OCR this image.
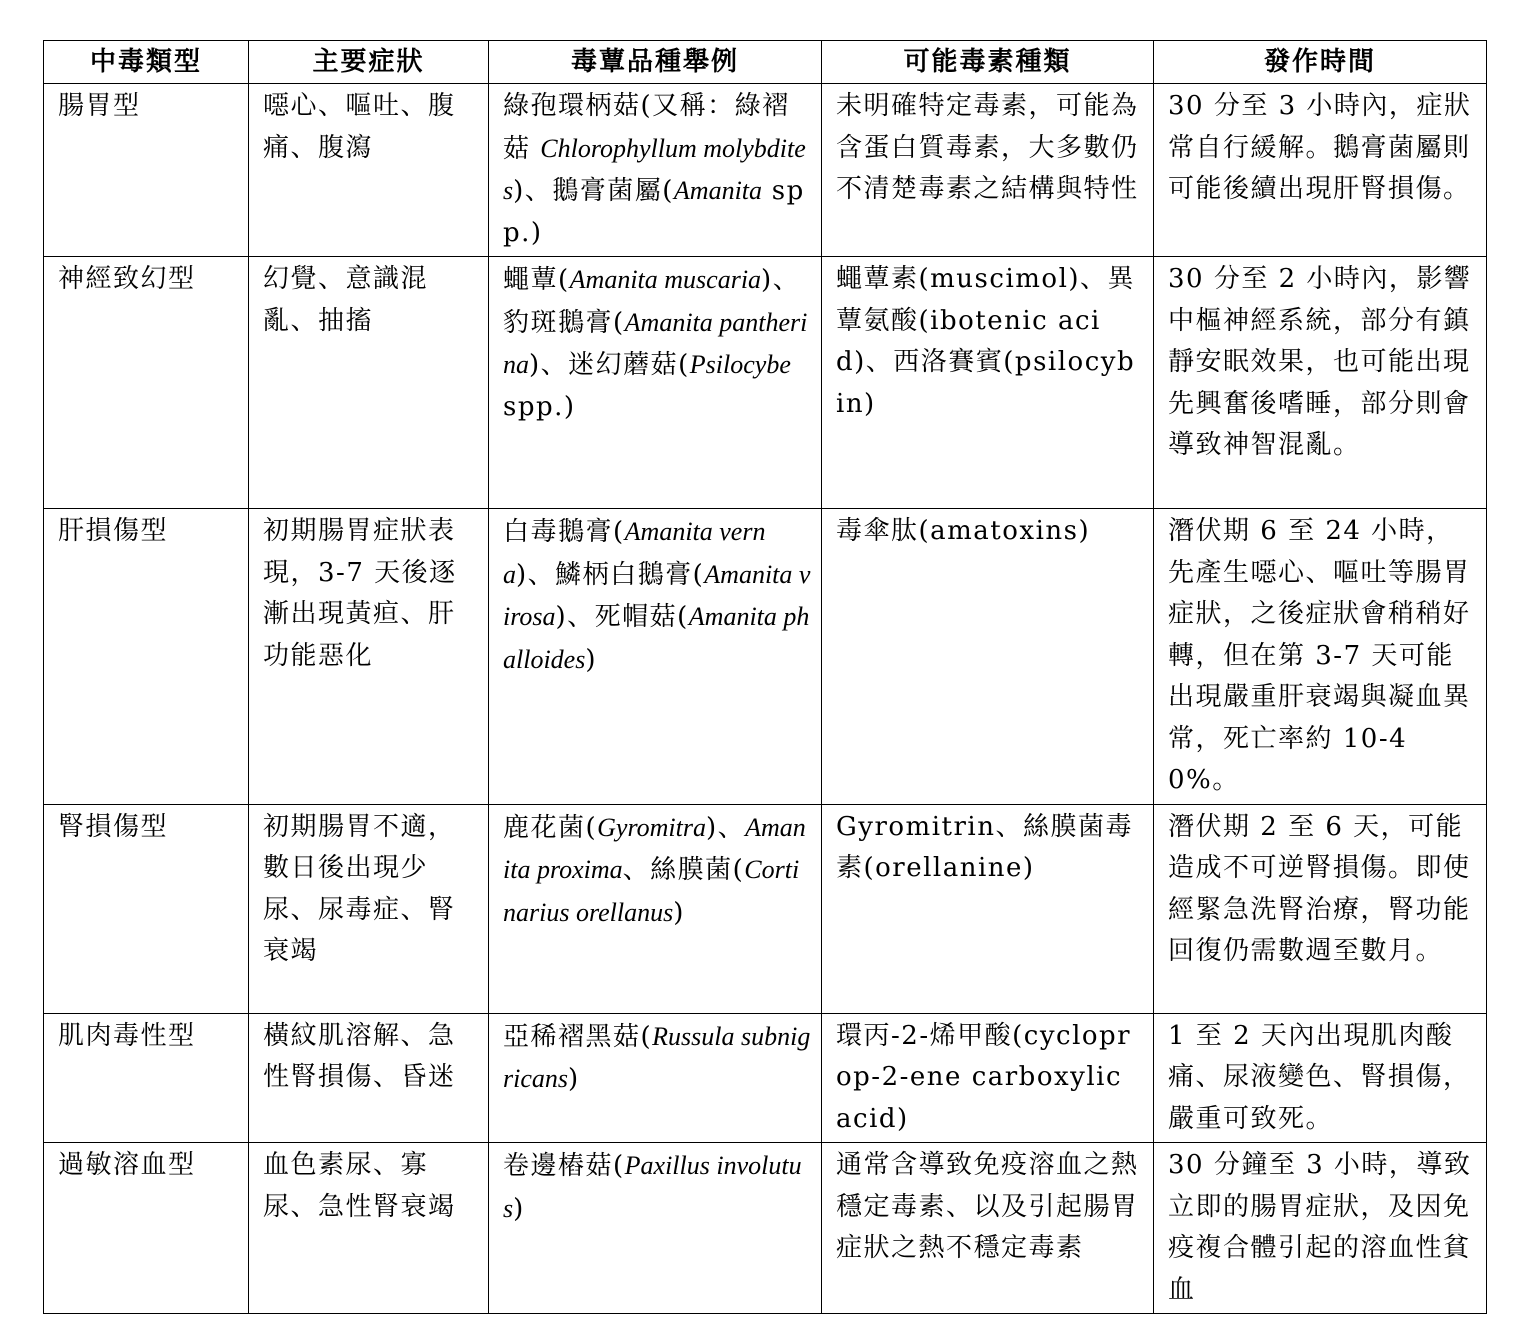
中毒類型	主要症狀	毒蕈品種舉例	可能毒素種類	發作時間
腸胃型	噁心、嘔吐、腹痛、腹瀉	綠孢環柄菇(又稱：綠褶菇 Chlorophyllum molybdites)、鵝膏菌屬(Amanita spp.)	未明確特定毒素，可能為含蛋白質毒素，大多數仍不清楚毒素之結構與特性	30 分至 3 小時內，症狀常自行緩解。鵝膏菌屬則可能後續出現肝腎損傷。
神經致幻型	幻覺、意識混亂、抽搐	蠅蕈(Amanita muscaria)、豹斑鵝膏(Amanita pantherina)、迷幻蘑菇(Psilocybe spp.)	蠅蕈素(muscimol)、異蕈氨酸(ibotenic acid)、西洛賽賓(psilocybin)	30 分至 2 小時內，影響中樞神經系統，部分有鎮靜安眠效果，也可能出現先興奮後嗜睡，部分則會導致神智混亂。
肝損傷型	初期腸胃症狀表現，3-7 天後逐漸出現黃疸、肝功能惡化	白毒鵝膏(Amanita verna)、鱗柄白鵝膏(Amanita virosa)、死帽菇(Amanita phalloides)	毒傘肽(amatoxins)	潛伏期 6 至 24 小時，先產生噁心、嘔吐等腸胃症狀，之後症狀會稍稍好轉，但在第 3-7 天可能出現嚴重肝衰竭與凝血異常，死亡率約 10-40%。
腎損傷型	初期腸胃不適，數日後出現少尿、尿毒症、腎衰竭	鹿花菌(Gyromitra)、Amanita proxima、絲膜菌(Cortinarius orellanus)	Gyromitrin、絲膜菌毒素(orellanine)	潛伏期 2 至 6 天，可能造成不可逆腎損傷。即使經緊急洗腎治療，腎功能回復仍需數週至數月。
肌肉毒性型	橫紋肌溶解、急性腎損傷、昏迷	亞稀褶黑菇(Russula subnigricans)	環丙-2-烯甲酸(cycloprop-2-ene carboxylic acid)	1 至 2 天內出現肌肉酸痛、尿液變色、腎損傷，嚴重可致死。
過敏溶血型	血色素尿、寡尿、急性腎衰竭	卷邊樁菇(Paxillus involutus)	通常含導致免疫溶血之熱穩定毒素、以及引起腸胃症狀之熱不穩定毒素	30 分鐘至 3 小時，導致立即的腸胃症狀，及因免疫複合體引起的溶血性貧血
